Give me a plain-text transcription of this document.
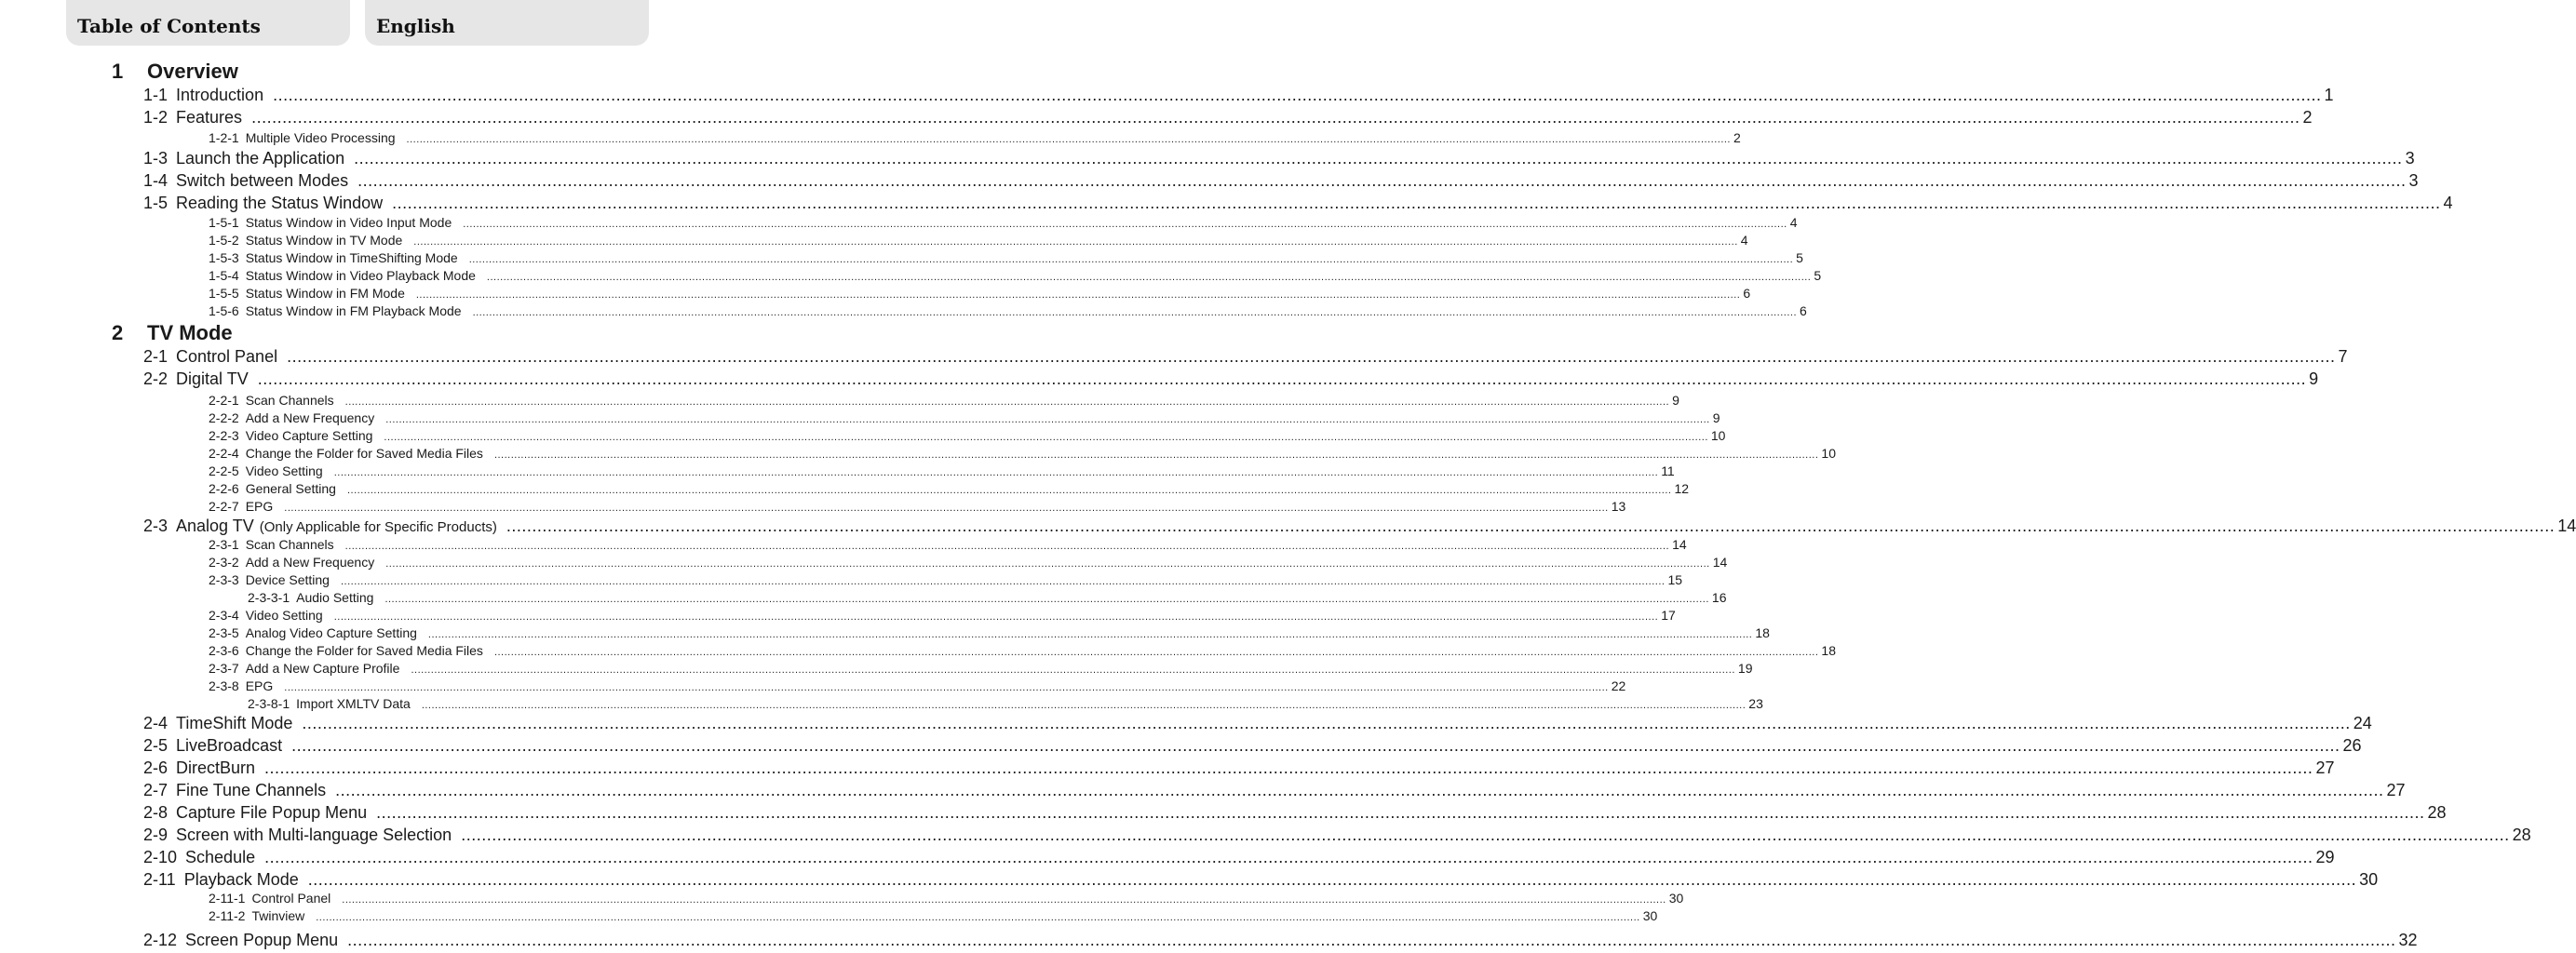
Table of Contents	English
1	Overview
1-1 Introduction ................................................................................................................................................................................................................................................................................................................................................................................................................ 1
1-2 Features ................................................................................................................................................................................................................................................................................................................................................................................................................ 2
1-2-1 Multiple Video Processing ................................................................................................................................................................................................................................................................................................................................................................................................................ 2
1-3 Launch the Application ................................................................................................................................................................................................................................................................................................................................................................................................................ 3
1-4 Switch between Modes ................................................................................................................................................................................................................................................................................................................................................................................................................ 3
1-5 Reading the Status Window ................................................................................................................................................................................................................................................................................................................................................................................................................ 4
1-5-1 Status Window in Video Input Mode ................................................................................................................................................................................................................................................................................................................................................................................................................ 4
1-5-2 Status Window in TV Mode ................................................................................................................................................................................................................................................................................................................................................................................................................ 4
1-5-3 Status Window in TimeShifting Mode ................................................................................................................................................................................................................................................................................................................................................................................................................ 5
1-5-4 Status Window in Video Playback Mode ................................................................................................................................................................................................................................................................................................................................................................................................................ 5
1-5-5 Status Window in FM Mode ................................................................................................................................................................................................................................................................................................................................................................................................................ 6
1-5-6 Status Window in FM Playback Mode ................................................................................................................................................................................................................................................................................................................................................................................................................ 6
2	TV Mode
2-1 Control Panel ................................................................................................................................................................................................................................................................................................................................................................................................................ 7
2-2 Digital TV ................................................................................................................................................................................................................................................................................................................................................................................................................ 9
2-2-1 Scan Channels ................................................................................................................................................................................................................................................................................................................................................................................................................ 9
2-2-2 Add a New Frequency ................................................................................................................................................................................................................................................................................................................................................................................................................ 9
2-2-3 Video Capture Setting ................................................................................................................................................................................................................................................................................................................................................................................................................ 10
2-2-4 Change the Folder for Saved Media Files ................................................................................................................................................................................................................................................................................................................................................................................................................ 10
2-2-5 Video Setting ................................................................................................................................................................................................................................................................................................................................................................................................................ 11
2-2-6 General Setting ................................................................................................................................................................................................................................................................................................................................................................................................................ 12
2-2-7 EPG ................................................................................................................................................................................................................................................................................................................................................................................................................ 13
2-3 Analog TV (Only Applicable for Specific Products) ................................................................................................................................................................................................................................................................................................................................................................................................................ 14
2-3-1 Scan Channels ................................................................................................................................................................................................................................................................................................................................................................................................................ 14
2-3-2 Add a New Frequency ................................................................................................................................................................................................................................................................................................................................................................................................................ 14
2-3-3 Device Setting ................................................................................................................................................................................................................................................................................................................................................................................................................ 15
2-3-3-1 Audio Setting ................................................................................................................................................................................................................................................................................................................................................................................................................ 16
2-3-4 Video Setting ................................................................................................................................................................................................................................................................................................................................................................................................................ 17
2-3-5 Analog Video Capture Setting ................................................................................................................................................................................................................................................................................................................................................................................................................ 18
2-3-6 Change the Folder for Saved Media Files ................................................................................................................................................................................................................................................................................................................................................................................................................ 18
2-3-7 Add a New Capture Profile ................................................................................................................................................................................................................................................................................................................................................................................................................ 19
2-3-8 EPG ................................................................................................................................................................................................................................................................................................................................................................................................................ 22
2-3-8-1 Import XMLTV Data ................................................................................................................................................................................................................................................................................................................................................................................................................ 23
2-4 TimeShift Mode ................................................................................................................................................................................................................................................................................................................................................................................................................ 24
2-5 LiveBroadcast ................................................................................................................................................................................................................................................................................................................................................................................................................ 26
2-6 DirectBurn ................................................................................................................................................................................................................................................................................................................................................................................................................ 27
2-7 Fine Tune Channels ................................................................................................................................................................................................................................................................................................................................................................................................................ 27
2-8 Capture File Popup Menu ................................................................................................................................................................................................................................................................................................................................................................................................................ 28
2-9 Screen with Multi-language Selection ................................................................................................................................................................................................................................................................................................................................................................................................................ 28
2-10 Schedule ................................................................................................................................................................................................................................................................................................................................................................................................................ 29
2-11 Playback Mode ................................................................................................................................................................................................................................................................................................................................................................................................................ 30
2-11-1 Control Panel ................................................................................................................................................................................................................................................................................................................................................................................................................ 30
2-11-2 Twinview ................................................................................................................................................................................................................................................................................................................................................................................................................ 30
2-12 Screen Popup Menu ................................................................................................................................................................................................................................................................................................................................................................................................................ 32
